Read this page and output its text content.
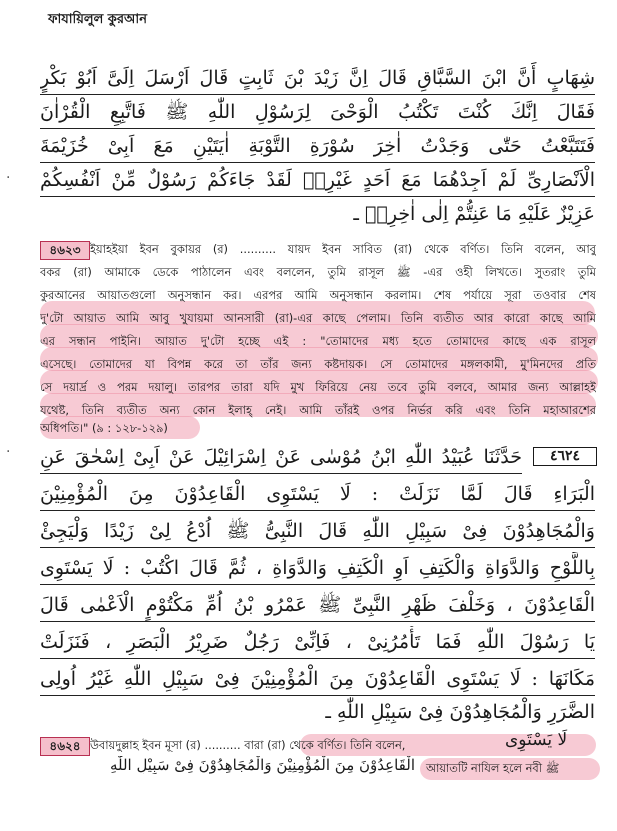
ফাযায়িলুল কুরআন
شِهَابٍ أَنَّ ابْنَ السَّبَّاقِ قَالَ اِنَّ زَيْدَ بْنَ ثَابِتٍ قَالَ اَرْسَلَ اِلَىَّ اَبُوْ بَكْرٍ
فَقَالَ اِنَّكَ كُنْتَ تَكْتُبُ الْوَحْىَ لِرَسُوْلِ اللّٰهِ ﷺ فَاتَّبِعِ الْقُرْاٰنَ
فَتَتَبَّعْتُ حَتّٰى وَجَدْتُ اٰخِرَ سُوْرَةِ التَّوْبَةِ اٰيَتَيْنِ مَعَ اَبِىْ خُزَيْمَةَ
الْاَنْصَارِىِّ لَمْ اَجِدْهُمَا مَعَ اَحَدٍ غَيْرِهٖ لَقَدْ جَاءَكُمْ رَسُوْلٌ مِّنْ اَنْفُسِكُمْ
عَزِيْزٌ عَلَيْهِ مَا عَنِتُّمْ اِلٰى اٰخِرِهٖ ـ
৪৬২৩ ইয়াহইয়া ইবন বুকায়র (র) .......... যায়দ ইবন সাবিত (রা) থেকে বর্ণিত। তিনি বলেন, আবু
বকর (রা) আমাকে ডেকে পাঠালেন এবং বললেন, তুমি রাসূল ﷺ -এর ওহী লিখতে। সুতরাং তুমি
কুরআনের আয়াতগুলো অনুসন্ধান কর। এরপর আমি অনুসন্ধান করলাম। শেষ পর্যায়ে সূরা তওবার শেষ
দু'টো আয়াত আমি আবু খুযায়মা আনসারী (রা)-এর কাছে পেলাম। তিনি ব্যতীত আর কারো কাছে আমি
এর সন্ধান পাইনি। আয়াত দু'টো হচ্ছে এই : "তোমাদের মধ্য হতে তোমাদের কাছে এক রাসূল
এসেছে। তোমাদের যা বিপন্ন করে তা তাঁর জন্য কষ্টদায়ক। সে তোমাদের মঙ্গলকামী, মু'মিনদের প্রতি
সে দয়ার্দ্র ও পরম দয়ালু। তারপর তারা যদি মুখ ফিরিয়ে নেয় তবে তুমি বলবে, আমার জন্য আল্লাহই
যথেষ্ট, তিনি ব্যতীত অন্য কোন ইলাহ্‌ নেই। আমি তাঁরই ওপর নির্ভর করি এবং তিনি মহাআরশের
অধিপতি।" (৯ : ১২৮-১২৯)
٤٦٢٤
حَدَّثَنَا عُبَيْدُ اللّٰهِ ابْنُ مُوْسٰى عَنْ اِسْرَائِيْلَ عَنْ اَبِىْ اِسْحٰقَ عَنِ
الْبَرَاءِ قَالَ لَمَّا نَزَلَتْ : لَا يَسْتَوِى الْقَاعِدُوْنَ مِنَ الْمُؤْمِنِيْنَ
وَالْمُجَاهِدُوْنَ فِىْ سَبِيْلِ اللّٰهِ قَالَ النَّبِىُّ ﷺ اُدْعُ لِىْ زَيْدًا وَلْيَجِئْ
بِاللَّوْحِ وَالدَّوَاةِ وَالْكَتِفِ اَوِ الْكَتِفِ وَالدَّوَاةِ ، ثُمَّ قَالَ اكْتُبْ : لَا يَسْتَوِى
الْقَاعِدُوْنَ ، وَخَلْفَ ظَهْرِ النَّبِىِّ ﷺ عَمْرُو بْنُ اُمِّ مَكْتُوْمٍ الْاَعْمٰى قَالَ
يَا رَسُوْلَ اللّٰهِ فَمَا تَأْمُرُنِىْ ، فَاِنِّىْ رَجُلٌ ضَرِيْرُ الْبَصَرِ ، فَنَزَلَتْ
مَكَانَهَا : لَا يَسْتَوِى الْقَاعِدُوْنَ مِنَ الْمُؤْمِنِيْنَ فِىْ سَبِيْلِ اللّٰهِ غَيْرُ اُولِى
الضَّرَرِ وَالْمُجَاهِدُوْنَ فِىْ سَبِيْلِ اللّٰهِ ـ
৪৬২৪ উবায়দুল্লাহ ইবন মূসা (র) .......... বারা (রা) থেকে বর্ণিত। তিনি বলেন,	لَا يَسْتَوِى
الْقَاعِدُوْنَ مِنَ الْمُؤْمِنِيْنَ وَالْمُجَاهِدُوْنَ فِىْ سَبِيْلِ اللّٰهِ আয়াতটি নাযিল হলে নবী ﷺ
·
·
